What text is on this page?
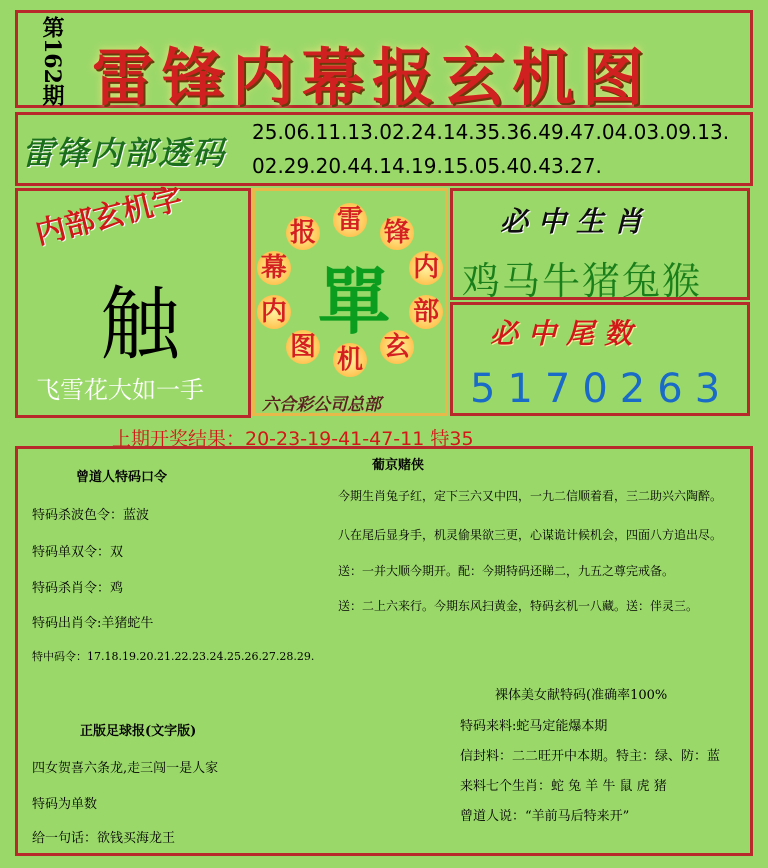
第162期 雷锋内幕报玄机图
雷锋内部透码
25.06.11.13.02.24.14.35.36.49.47.04.03.09.13.
02.29.20.44.14.19.15.05.40.43.27.
内部玄机字
触
飞雪花大如一手
雷 锋
内
部
玄
机
图
内
幕
报
單
六合彩公司总部
必中生肖
鸡马牛猪兔猴
必中尾数
5170263
上期开奖结果：20-23-19-41-47-11 特35
曾道人特码口令
特码杀波色令：蓝波
特码单双令：双
特码杀肖令：鸡
特码出肖令:羊猪蛇牛
特中码令：17.18.19.20.21.22.23.24.25.26.27.28.29.
葡京赌侠
今期生肖兔子红，定下三六又中四，一九二信顺着看，三二助兴六陶醉。
八在尾后显身手，机灵偷果欲三更，心谋诡计候机会，四面八方追出尽。
送：一并大顺今期开。配：今期特码还睇二，九五之尊完戒备。
送：二上六来行。今期东风扫黄金，特码玄机一八藏。送：伴灵三。
正版足球报(文字版)
四女贺喜六条龙,走三闯一是人家
特码为单数
给一句话：欲钱买海龙王
裸体美女献特码(准确率100%
特码来料:蛇马定能爆本期
信封料：二二旺开中本期。特主：绿、防：蓝
来料七个生肖：蛇 兔 羊 牛 鼠 虎 猪
曾道人说：“羊前马后特来开”
